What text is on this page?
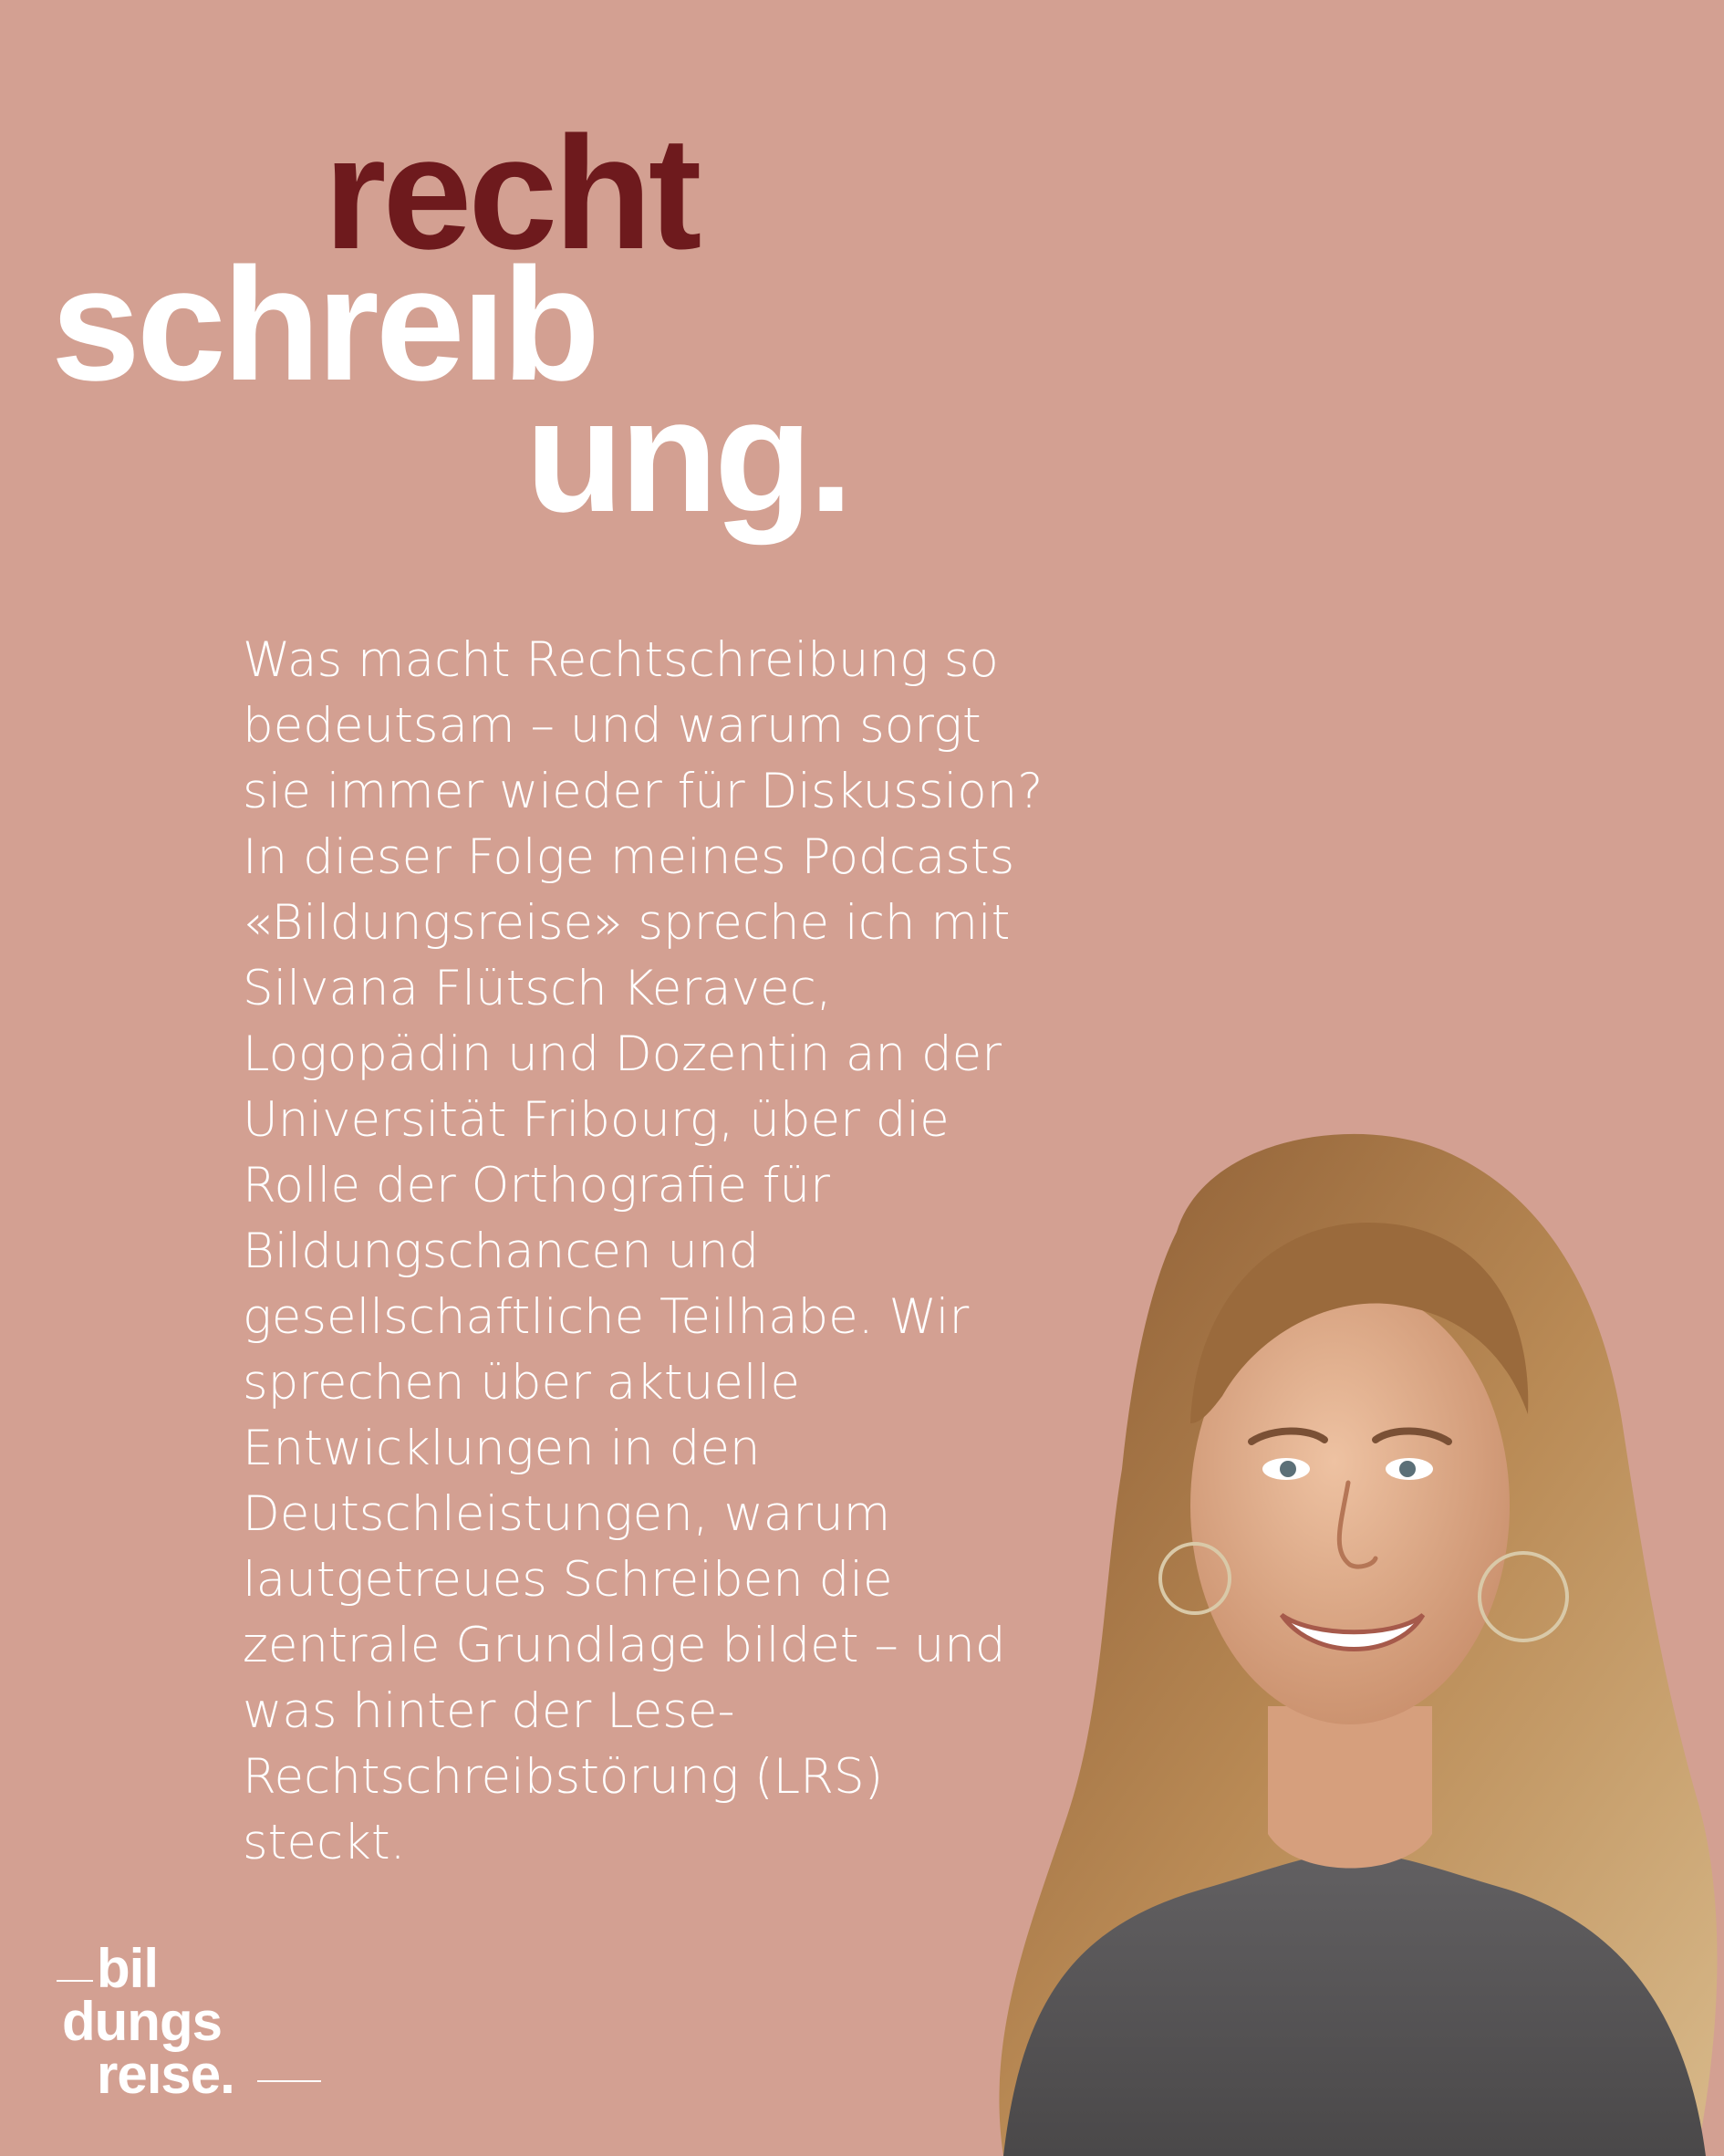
recht
schreıb
ung.

Was macht Rechtschreibung so
bedeutsam – und warum sorgt
sie immer wieder für Diskussion?
In dieser Folge meines Podcasts
«Bildungsreise» spreche ich mit
Silvana Flütsch Keravec,
Logopädin und Dozentin an der
Universität Fribourg, über die
Rolle der Orthografie für
Bildungschancen und
gesellschaftliche Teilhabe. Wir
sprechen über aktuelle
Entwicklungen in den
Deutschleistungen, warum
lautgetreues Schreiben die
zentrale Grundlage bildet – und
was hinter der Lese-
Rechtschreibstörung (LRS)
steckt.

bil
dungs
reıse.
